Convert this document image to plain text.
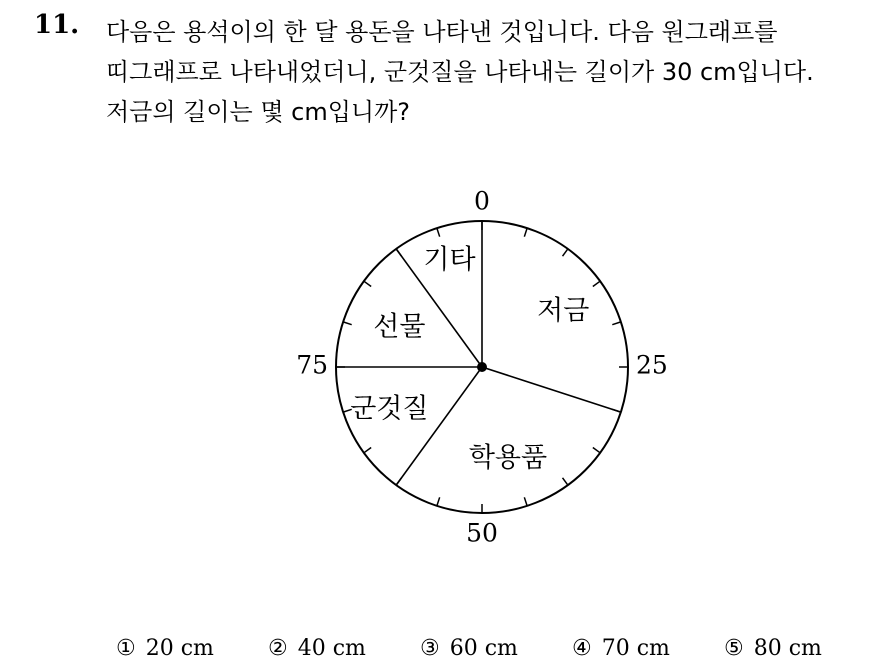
11. 다음은 용석이의 한 달 용돈을 나타낸 것입니다. 다음 원그래프를
띠그래프로 나타내었더니, 군것질을 나타내는 길이가 30 cm입니다.
저금의 길이는 몇 cm입니까?
저금
학용품
군것질
선물
기타
0
25
50
75
① 20 cm ② 40 cm ③ 60 cm ④ 70 cm ⑤ 80 cm
